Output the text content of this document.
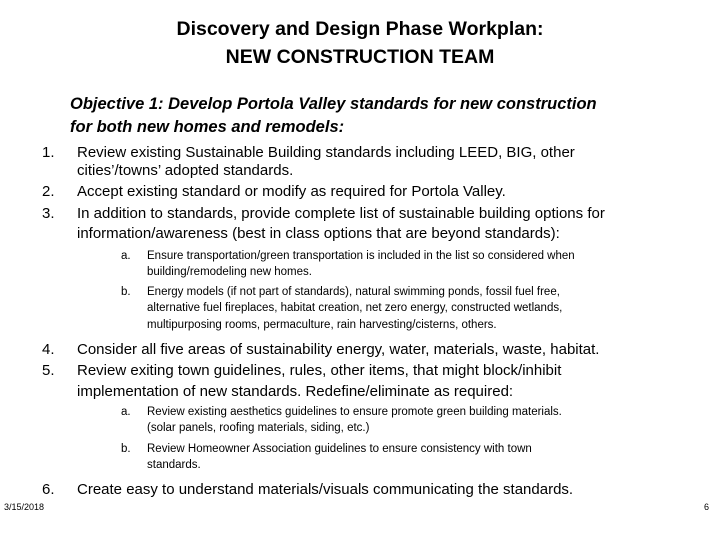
Discovery and Design Phase Workplan:
NEW CONSTRUCTION TEAM
Objective 1: Develop Portola Valley standards for new construction
for both new homes and remodels:
1. Review existing Sustainable Building standards including LEED, BIG, other
cities’/towns’ adopted standards.
2. Accept existing standard or modify as required for Portola Valley.
3. In addition to standards, provide complete list of sustainable building options for
information/awareness (best in class options that are beyond standards):
a. Ensure transportation/green transportation is included in the list so considered when
building/remodeling new homes.
b. Energy models (if not part of standards), natural swimming ponds, fossil fuel free,
alternative fuel fireplaces, habitat creation, net zero energy, constructed wetlands,
multipurposing rooms, permaculture, rain harvesting/cisterns, others.
4. Consider all five areas of sustainability energy, water, materials, waste, habitat.
5. Review exiting town guidelines, rules, other items, that might block/inhibit
implementation of new standards. Redefine/eliminate as required:
a. Review existing aesthetics guidelines to ensure promote green building materials.
(solar panels, roofing materials, siding, etc.)
b. Review Homeowner Association guidelines to ensure consistency with town
standards.
6. Create easy to understand materials/visuals communicating the standards.
3/15/2018	6
